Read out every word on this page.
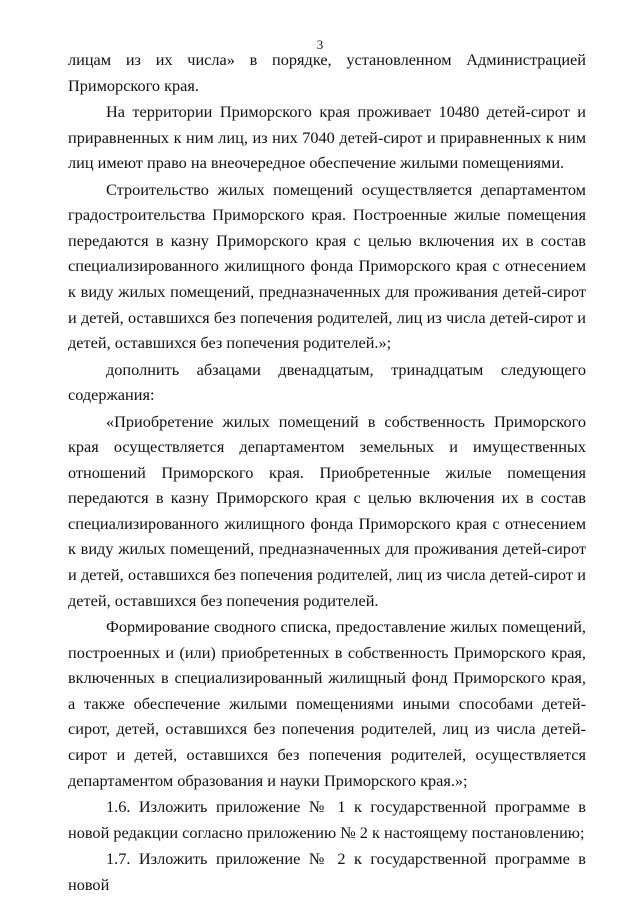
3

лицам из их числа» в порядке, установленном Администрацией Приморского края.

На территории Приморского края проживает 10480 детей-сирот и приравненных к ним лиц, из них 7040 детей-сирот и приравненных к ним лиц имеют право на внеочередное обеспечение жилыми помещениями.

Строительство жилых помещений осуществляется департаментом градостроительства Приморского края. Построенные жилые помещения передаются в казну Приморского края с целью включения их в состав специализированного жилищного фонда Приморского края с отнесением к виду жилых помещений, предназначенных для проживания детей-сирот и детей, оставшихся без попечения родителей, лиц из числа детей-сирот и детей, оставшихся без попечения родителей.»;

дополнить абзацами двенадцатым, тринадцатым следующего содержания:

«Приобретение жилых помещений в собственность Приморского края осуществляется департаментом земельных и имущественных отношений Приморского края. Приобретенные жилые помещения передаются в казну Приморского края с целью включения их в состав специализированного жилищного фонда Приморского края с отнесением к виду жилых помещений, предназначенных для проживания детей-сирот и детей, оставшихся без попечения родителей, лиц из числа детей-сирот и детей, оставшихся без попечения родителей.

Формирование сводного списка, предоставление жилых помещений, построенных и (или) приобретенных в собственность Приморского края, включенных в специализированный жилищный фонд Приморского края, а также обеспечение жилыми помещениями иными способами детей-сирот, детей, оставшихся без попечения родителей, лиц из числа детей-сирот и детей, оставшихся без попечения родителей, осуществляется департаментом образования и науки Приморского края.»;

1.6. Изложить приложение № 1 к государственной программе в новой редакции согласно приложению № 2 к настоящему постановлению;

1.7. Изложить приложение № 2 к государственной программе в новой
